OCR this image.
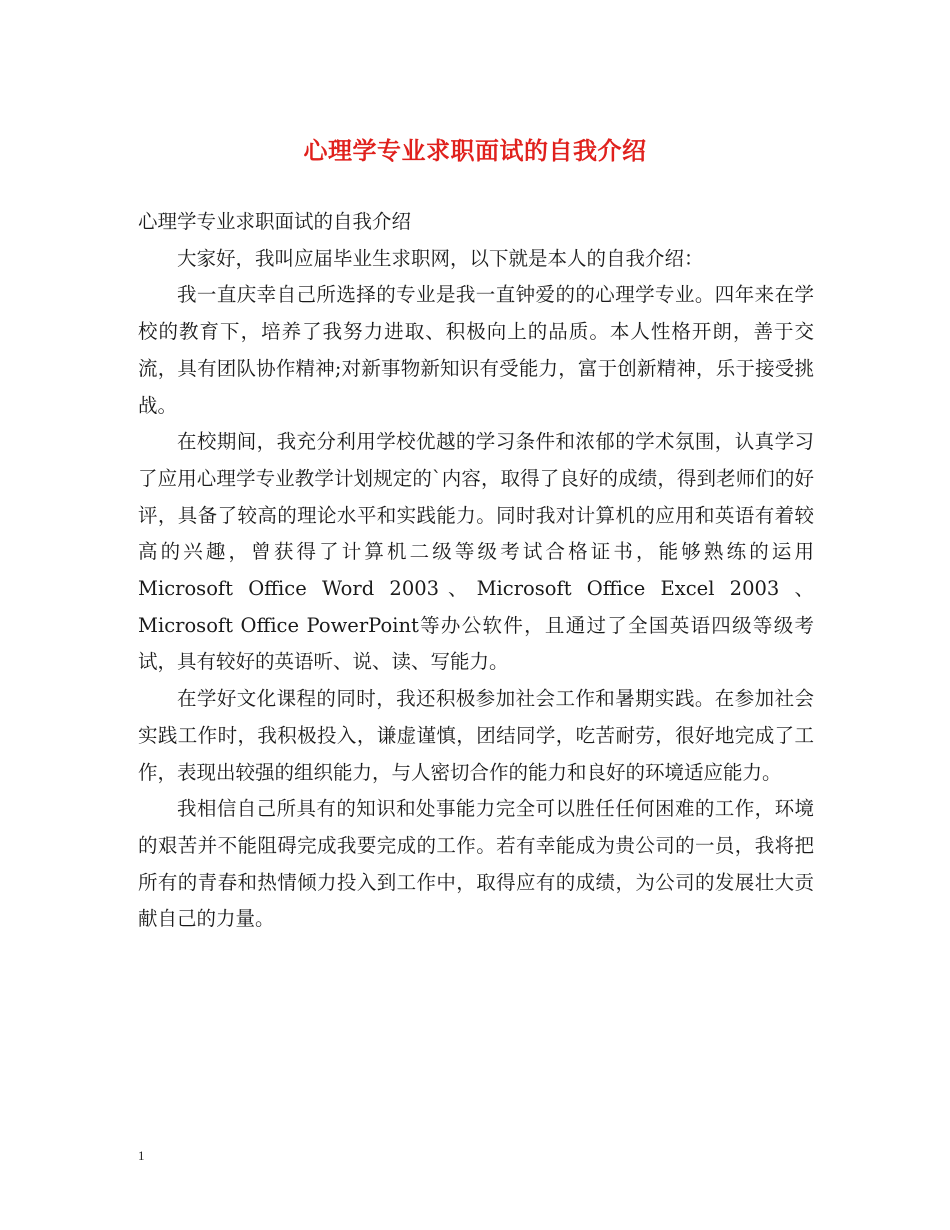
心理学专业求职面试的自我介绍

心理学专业求职面试的自我介绍

大家好，我叫应届毕业生求职网，以下就是本人的自我介绍：

我一直庆幸自己所选择的专业是我一直钟爱的的心理学专业。四年来在学校的教育下，培养了我努力进取、积极向上的品质。本人性格开朗，善于交流，具有团队协作精神;对新事物新知识有受能力，富于创新精神，乐于接受挑战。

在校期间，我充分利用学校优越的学习条件和浓郁的学术氛围，认真学习了应用心理学专业教学计划规定的`内容，取得了良好的成绩，得到老师们的好评，具备了较高的理论水平和实践能力。同时我对计算机的应用和英语有着较高的兴趣，曾获得了计算机二级等级考试合格证书，能够熟练的运用Microsoft Office Word 2003、Microsoft Office Excel 2003 、Microsoft Office PowerPoint等办公软件，且通过了全国英语四级等级考试，具有较好的英语听、说、读、写能力。

在学好文化课程的同时，我还积极参加社会工作和暑期实践。在参加社会实践工作时，我积极投入，谦虚谨慎，团结同学，吃苦耐劳，很好地完成了工作，表现出较强的组织能力，与人密切合作的能力和良好的环境适应能力。

我相信自己所具有的知识和处事能力完全可以胜任任何困难的工作，环境的艰苦并不能阻碍完成我要完成的工作。若有幸能成为贵公司的一员，我将把所有的青春和热情倾力投入到工作中，取得应有的成绩，为公司的发展壮大贡献自己的力量。

1
